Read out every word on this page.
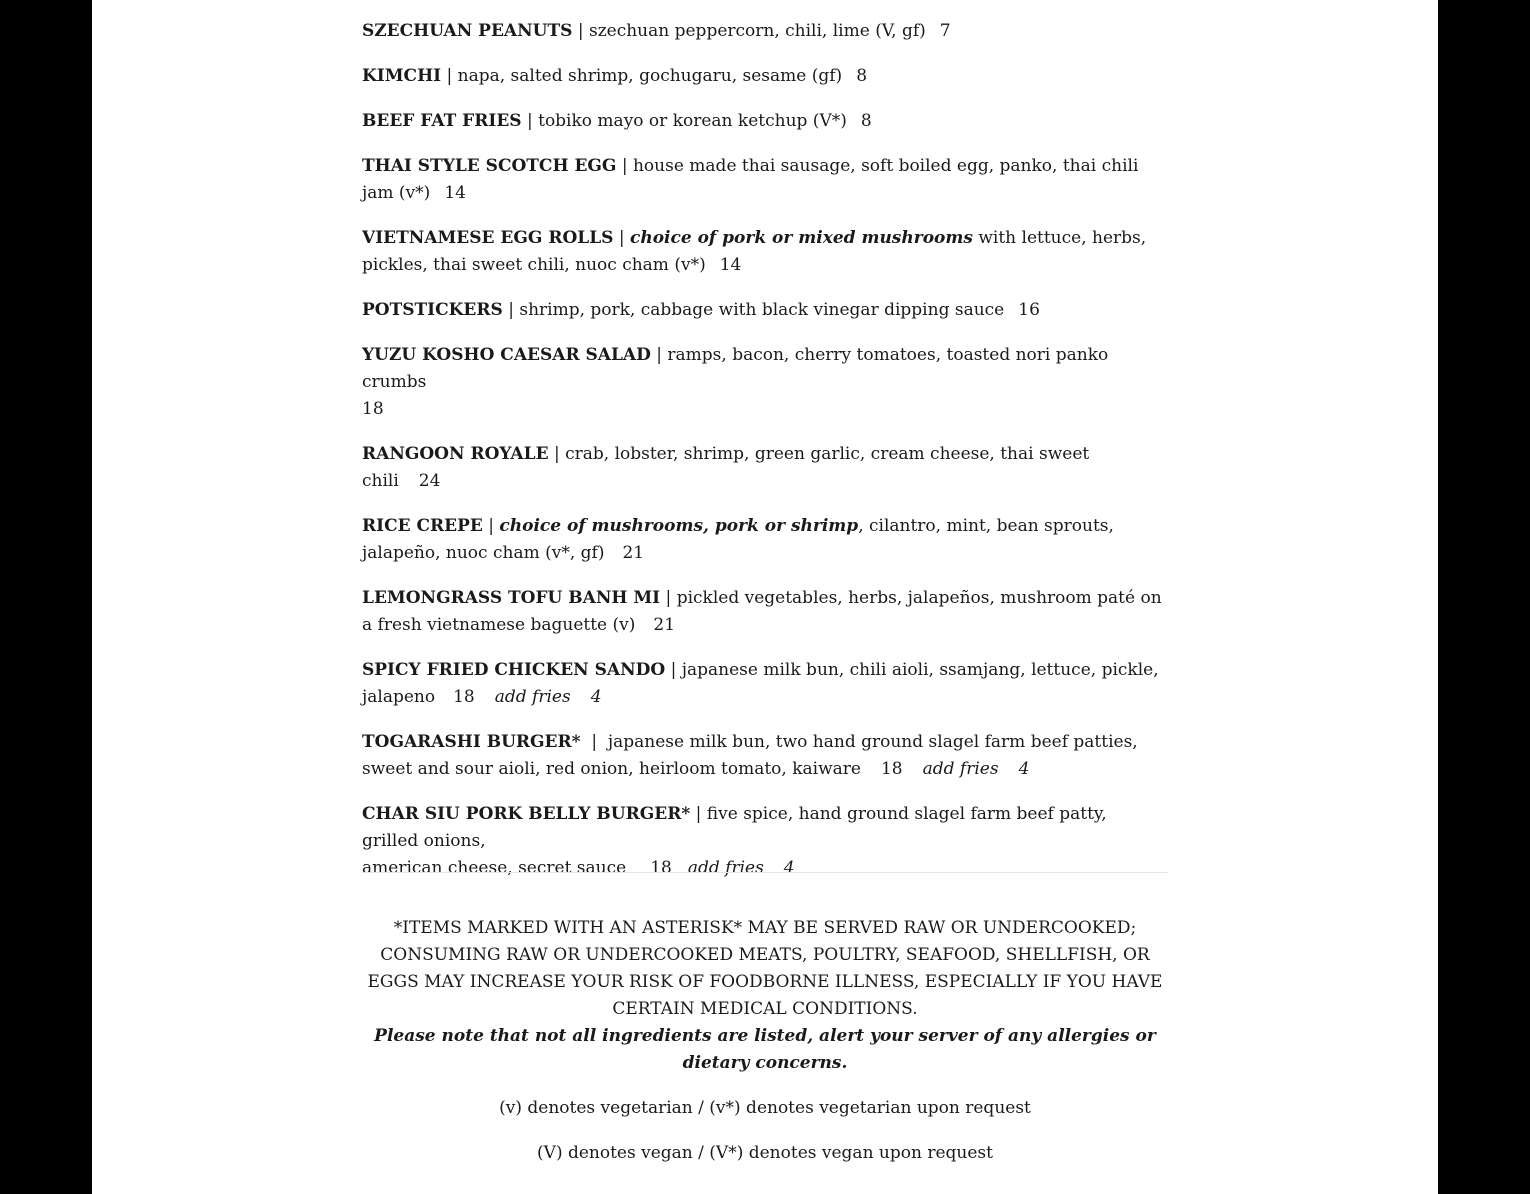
SZECHUAN PEANUTS | szechuan peppercorn, chili, lime (V, gf) 7

KIMCHI | napa, salted shrimp, gochugaru, sesame (gf) 8

BEEF FAT FRIES | tobiko mayo or korean ketchup (V*) 8

THAI STYLE SCOTCH EGG | house made thai sausage, soft boiled egg, panko, thai chili jam (v*) 14

VIETNAMESE EGG ROLLS | choice of pork or mixed mushrooms with lettuce, herbs, pickles, thai sweet chili, nuoc cham (v*) 14

POTSTICKERS | shrimp, pork, cabbage with black vinegar dipping sauce 16

YUZU KOSHO CAESAR SALAD | ramps, bacon, cherry tomatoes, toasted nori panko crumbs
18

RANGOON ROYALE | crab, lobster, shrimp, green garlic, cream cheese, thai sweet chili 24

RICE CREPE | choice of mushrooms, pork or shrimp, cilantro, mint, bean sprouts, jalapeño, nuoc cham (v*, gf) 21

LEMONGRASS TOFU BANH MI | pickled vegetables, herbs, jalapeños, mushroom paté on a fresh vietnamese baguette (v) 21

SPICY FRIED CHICKEN SANDO | japanese milk bun, chili aioli, ssamjang, lettuce, pickle, jalapeno 18 add fries 4

TOGARASHI BURGER*  |  japanese milk bun, two hand ground slagel farm beef patties, sweet and sour aioli, red onion, heirloom tomato, kaiware 18 add fries 4

CHAR SIU PORK BELLY BURGER* | five spice, hand ground slagel farm beef patty, grilled onions,
american cheese, secret sauce 18 add fries 4

*ITEMS MARKED WITH AN ASTERISK* MAY BE SERVED RAW OR UNDERCOOKED; CONSUMING RAW OR UNDERCOOKED MEATS, POULTRY, SEAFOOD, SHELLFISH, OR EGGS MAY INCREASE YOUR RISK OF FOODBORNE ILLNESS, ESPECIALLY IF YOU HAVE CERTAIN MEDICAL CONDITIONS.

Please note that not all ingredients are listed, alert your server of any allergies or dietary concerns.

(v) denotes vegetarian / (v*) denotes vegetarian upon request

(V) denotes vegan / (V*) denotes vegan upon request
